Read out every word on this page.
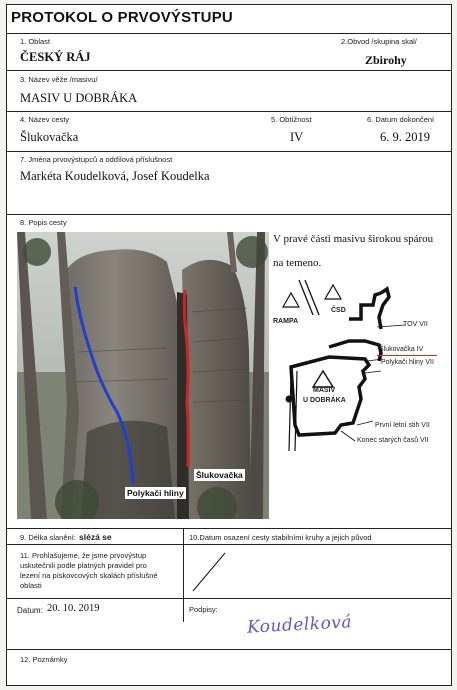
PROTOKOL O PRVOVÝSTUPU
1. Oblast
ČESKÝ RÁJ
2.Obvod /skupina skal/
Zbirohy
3. Název věže /masivu/
MASIV U DOBRÁKA
4. Název cesty
Šlukovačka
5. Obtížnost
IV
6. Datum dokončení
6. 9. 2019
7. Jména prvovýstupců a oddílová příslušnost
Markéta Koudelková, Josef Koudelka
8. Popis cesty
Polykači hliny
Šlukovačka
V pravé části masivu širokou spárou
na temeno.
RAMPA
ČSD
TOV VII
Šlukovačka IV
Polykači hliny VII
MASIV
U DOBRÁKA
První letní stih VII
Konec starých časů VII
9. Délka slanění: slézá se	10.Datum osazení cesty stabilními kruhy a jejich původ
11. Prohlašujeme, že jsme prvovýstup
uskutečnili podle platných pravidel pro
lezení na pískovcových skalách příslušné
oblasti
Datum: 20. 10. 2019	Podpisy:
Koudelková
12. Poznámky
